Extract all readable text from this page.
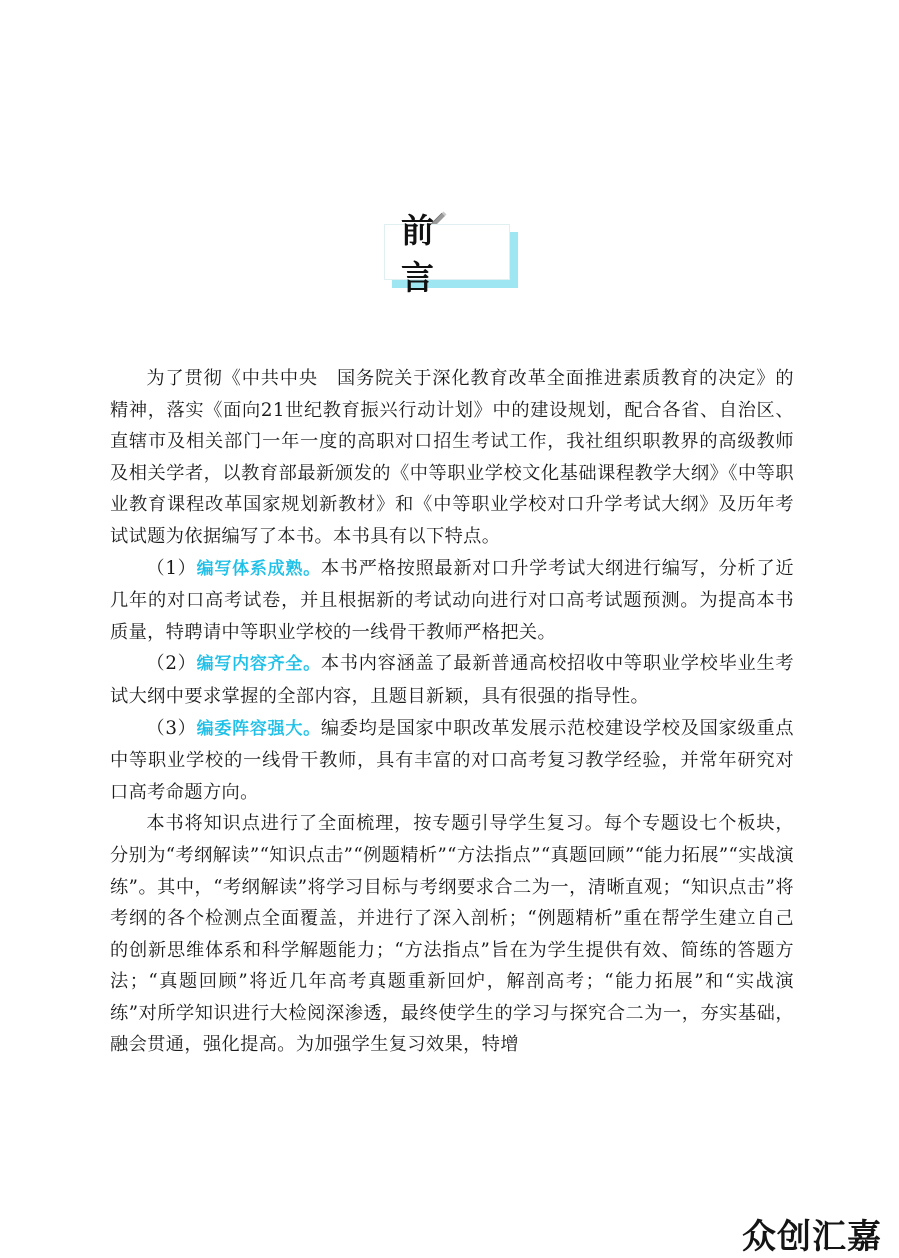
前 言

为了贯彻《中共中央　国务院关于深化教育改革全面推进素质教育的决定》的精神，落实《面向21世纪教育振兴行动计划》中的建设规划，配合各省、自治区、直辖市及相关部门一年一度的高职对口招生考试工作，我社组织职教界的高级教师及相关学者，以教育部最新颁发的《中等职业学校文化基础课程教学大纲》《中等职业教育课程改革国家规划新教材》和《中等职业学校对口升学考试大纲》及历年考试试题为依据编写了本书。本书具有以下特点。

（1）编写体系成熟。本书严格按照最新对口升学考试大纲进行编写，分析了近几年的对口高考试卷，并且根据新的考试动向进行对口高考试题预测。为提高本书质量，特聘请中等职业学校的一线骨干教师严格把关。

（2）编写内容齐全。本书内容涵盖了最新普通高校招收中等职业学校毕业生考试大纲中要求掌握的全部内容，且题目新颖，具有很强的指导性。

（3）编委阵容强大。编委均是国家中职改革发展示范校建设学校及国家级重点中等职业学校的一线骨干教师，具有丰富的对口高考复习教学经验，并常年研究对口高考命题方向。

本书将知识点进行了全面梳理，按专题引导学生复习。每个专题设七个板块，分别为“考纲解读”“知识点击”“例题精析”“方法指点”“真题回顾”“能力拓展”“实战演练”。其中，“考纲解读”将学习目标与考纲要求合二为一，清晰直观；“知识点击”将考纲的各个检测点全面覆盖，并进行了深入剖析；“例题精析”重在帮学生建立自己的创新思维体系和科学解题能力；“方法指点”旨在为学生提供有效、简练的答题方法；“真题回顾”将近几年高考真题重新回炉，解剖高考；“能力拓展”和“实战演练”对所学知识进行大检阅深渗透，最终使学生的学习与探究合二为一，夯实基础，融会贯通，强化提高。为加强学生复习效果，特增

众创汇嘉
